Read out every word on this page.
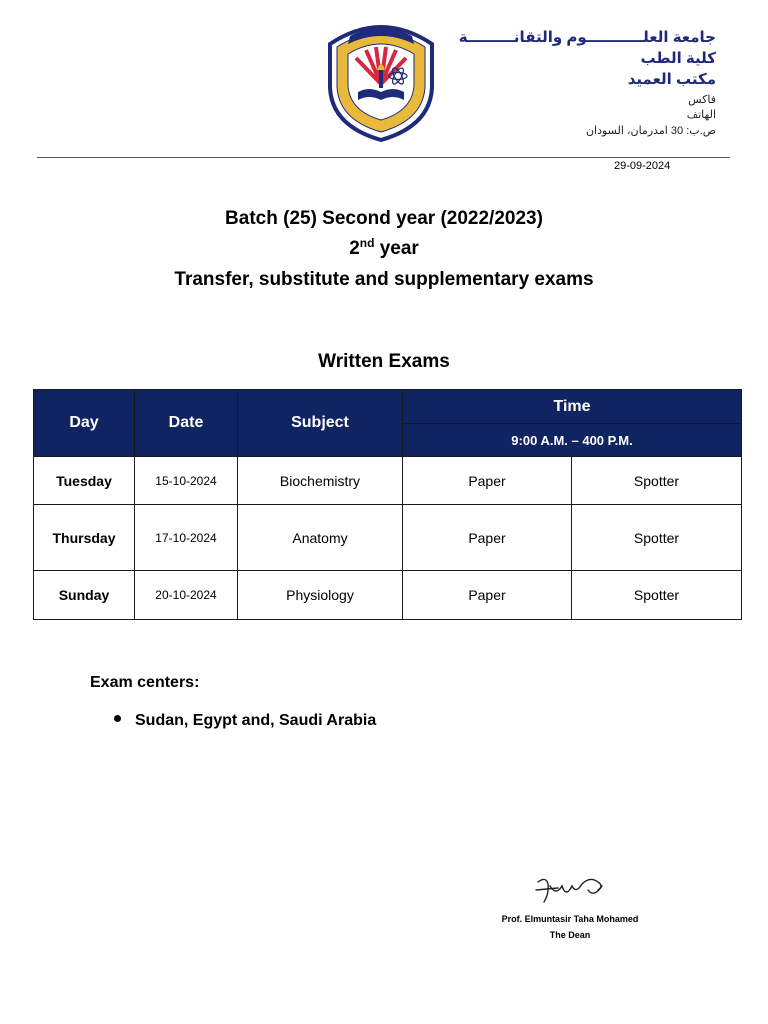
جامعة العلـــــــــــوم والتقانـــــــــة
كلية الطب
مكتب العميد
فاكس
الهاتف
ص.ب: 30 امدرمان، السودان
29-09-2024
Batch (25) Second year (2022/2023)
2nd year
Transfer, substitute and supplementary exams
Written Exams
Day	Date	Subject	Time	
			9:00 A.M. – 400 P.M.	
Tuesday	15-10-2024	Biochemistry	Paper	Spotter
Thursday	17-10-2024	Anatomy	Paper	Spotter
Sunday	20-10-2024	Physiology	Paper	Spotter
Exam centers:
Sudan, Egypt and, Saudi Arabia
Prof. Elmuntasir Taha Mohamed
The Dean
